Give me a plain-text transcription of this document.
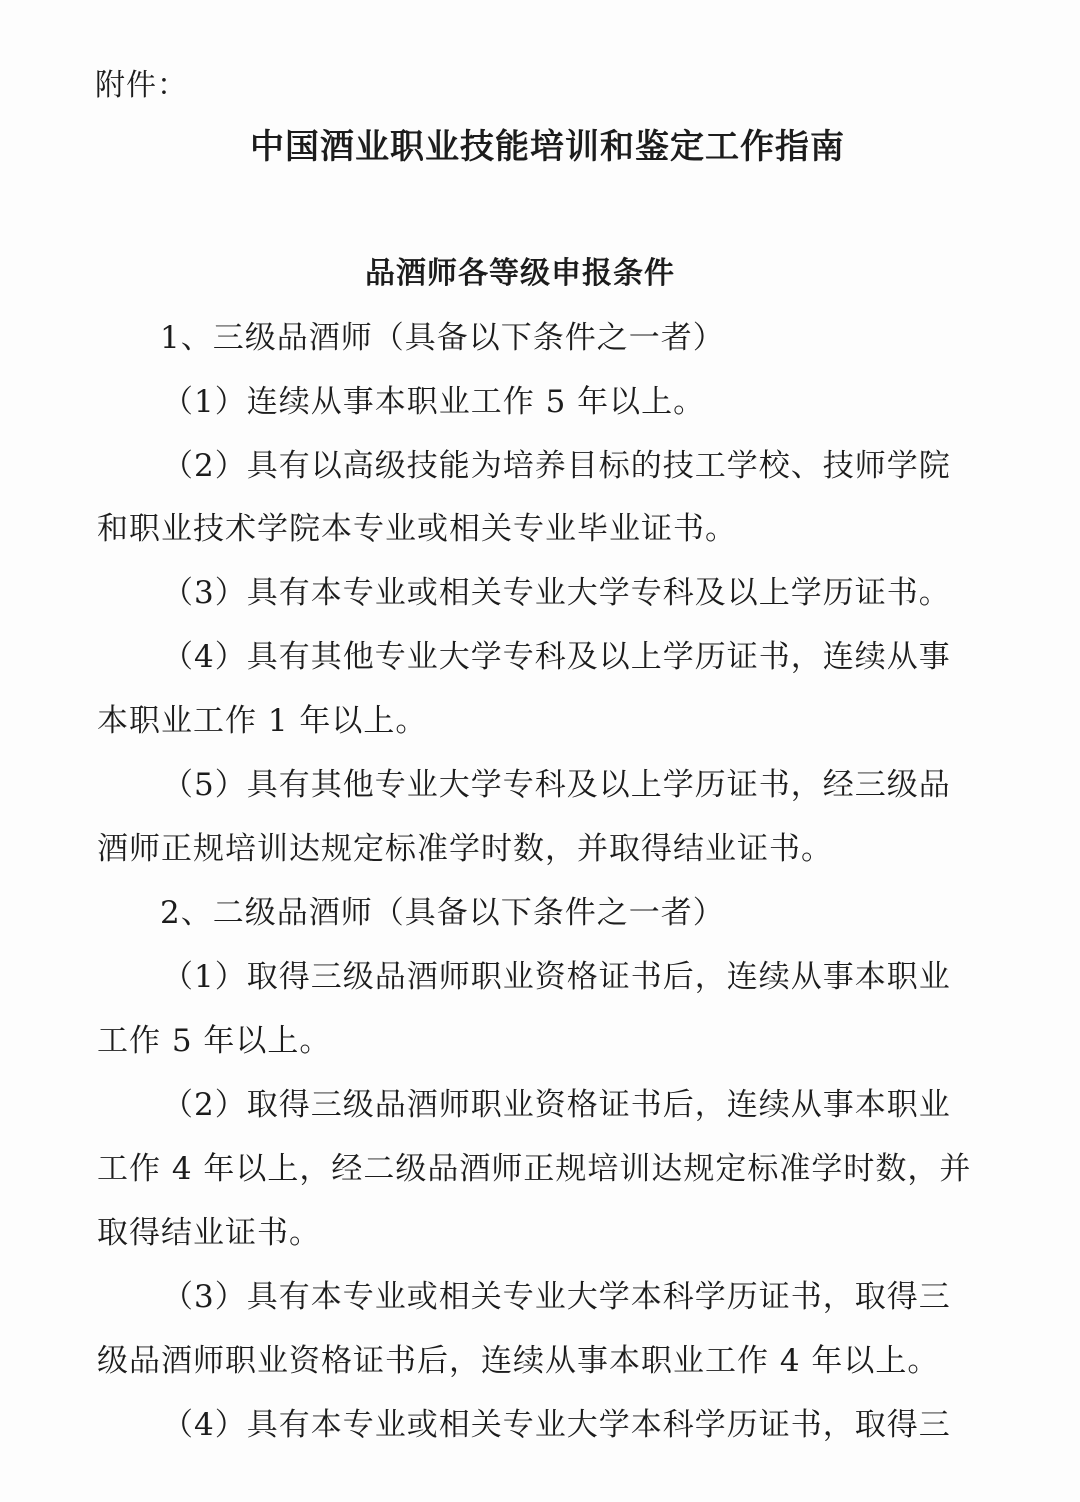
附件：
中国酒业职业技能培训和鉴定工作指南
品酒师各等级申报条件
1、三级品酒师（具备以下条件之一者）
（1）连续从事本职业工作 5 年以上。
（2）具有以高级技能为培养目标的技工学校、技师学院
和职业技术学院本专业或相关专业毕业证书。
（3）具有本专业或相关专业大学专科及以上学历证书。
（4）具有其他专业大学专科及以上学历证书，连续从事
本职业工作 1 年以上。
（5）具有其他专业大学专科及以上学历证书，经三级品
酒师正规培训达规定标准学时数，并取得结业证书。
2、二级品酒师（具备以下条件之一者）
（1）取得三级品酒师职业资格证书后，连续从事本职业
工作 5 年以上。
（2）取得三级品酒师职业资格证书后，连续从事本职业
工作 4 年以上，经二级品酒师正规培训达规定标准学时数，并
取得结业证书。
（3）具有本专业或相关专业大学本科学历证书，取得三
级品酒师职业资格证书后，连续从事本职业工作 4 年以上。
（4）具有本专业或相关专业大学本科学历证书，取得三
